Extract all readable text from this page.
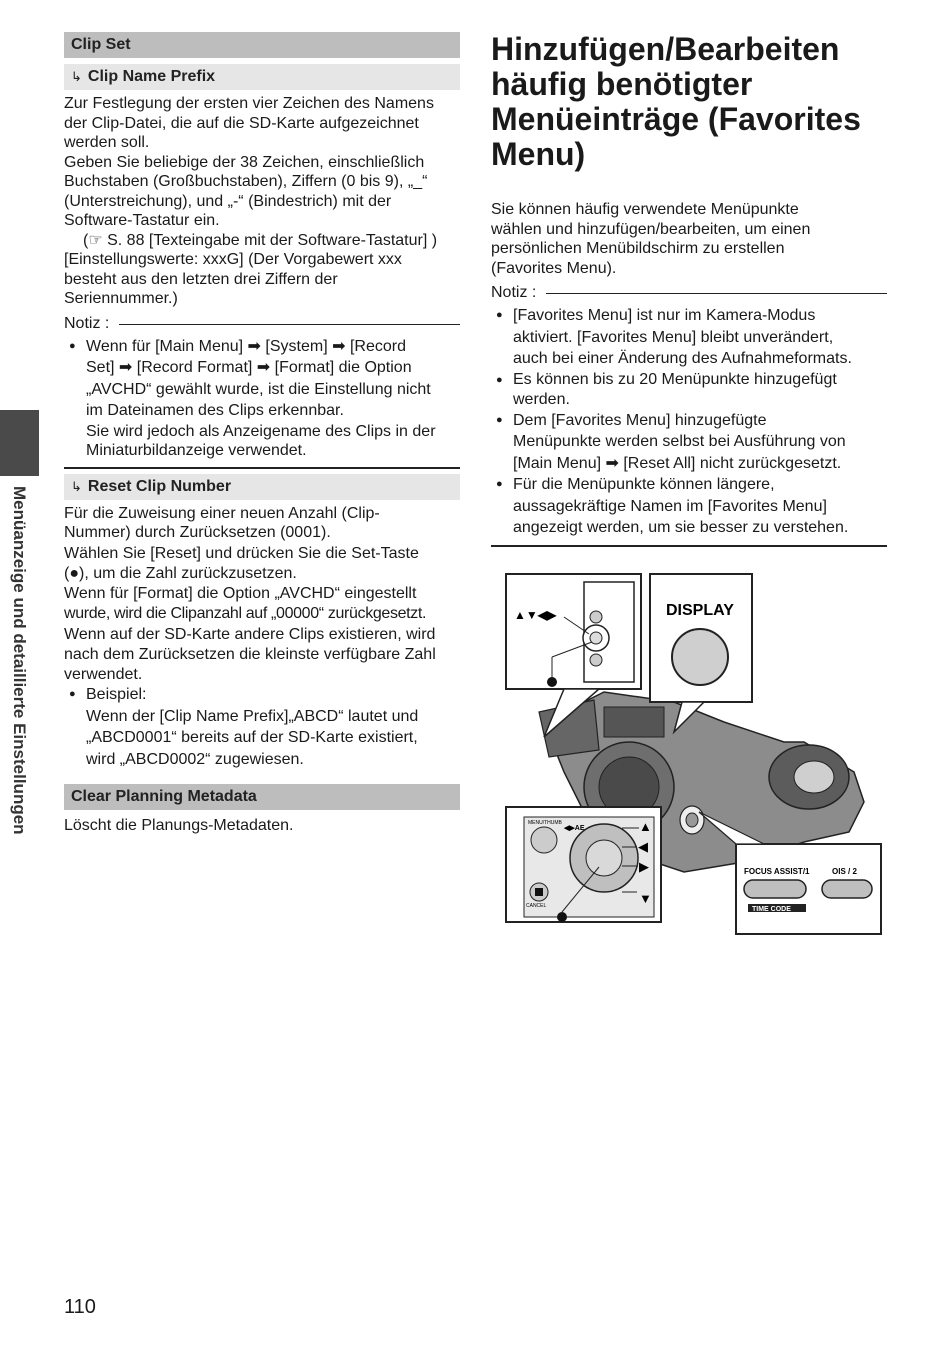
Menüanzeige und detaillierte Einstellungen
Clip Set
↳ Clip Name Prefix

Zur Festlegung der ersten vier Zeichen des Namens

der Clip-Datei, die auf die SD-Karte aufgezeichnet

werden soll.

Geben Sie beliebige der 38 Zeichen, einschließlich

Buchstaben (Großbuchstaben), Ziffern (0 bis 9), „_“

(Unterstreichung), und „-“ (Bindestrich) mit der

Software-Tastatur ein.

(☞ S. 88 [Texteingabe mit der Software-Tastatur] )

[Einstellungswerte: xxxG] (Der Vorgabewert xxx

besteht aus den letzten drei Ziffern der

Seriennummer.)

Notiz :
● Wenn für [Main Menu] ➡ [System] ➡ [Record
Set] ➡ [Record Format] ➡ [Format] die Option
„AVCHD“ gewählt wurde, ist die Einstellung nicht
im Dateinamen des Clips erkennbar.
Sie wird jedoch als Anzeigename des Clips in der
Miniaturbildanzeige verwendet.
↳ Reset Clip Number

Für die Zuweisung einer neuen Anzahl (Clip-

Nummer) durch Zurücksetzen (0001).

Wählen Sie [Reset] und drücken Sie die Set-Taste

(●), um die Zahl zurückzusetzen.

Wenn für [Format] die Option „AVCHD“ eingestellt

wurde, wird die Clipanzahl auf „00000“ zurückgesetzt.

Wenn auf der SD-Karte andere Clips existieren, wird

nach dem Zurücksetzen die kleinste verfügbare Zahl

verwendet.

● Beispiel:
Wenn der [Clip Name Prefix]„ABCD“ lautet und
„ABCD0001“ bereits auf der SD-Karte existiert,
wird „ABCD0002“ zugewiesen.
Clear Planning Metadata

Löscht die Planungs-Metadaten.

Hinzufügen/Bearbeiten

häufig benötigter

Menüeinträge (Favorites

Menu)

Sie können häufig verwendete Menüpunkte

wählen und hinzufügen/bearbeiten, um einen

persönlichen Menübildschirm zu erstellen

(Favorites Menu).

Notiz :
● [Favorites Menu] ist nur im Kamera-Modus
aktiviert. [Favorites Menu] bleibt unverändert,
auch bei einer Änderung des Aufnahmeformats.
● Es können bis zu 20 Menüpunkte hinzugefügt
werden.
● Dem [Favorites Menu] hinzugefügte
Menüpunkte werden selbst bei Ausführung von
[Main Menu] ➡ [Reset All] nicht zurückgesetzt.
● Für die Menüpunkte können längere,
aussagekräftige Namen im [Favorites Menu]
angezeigt werden, um sie besser zu verstehen.
▲▼◀▶	DISPLAY
MENU/THUMB
◀▶AE
CANCEL
▲
◀
▶
▼
FOCUS ASSIST/1	OIS / 2
TIME CODE
110
